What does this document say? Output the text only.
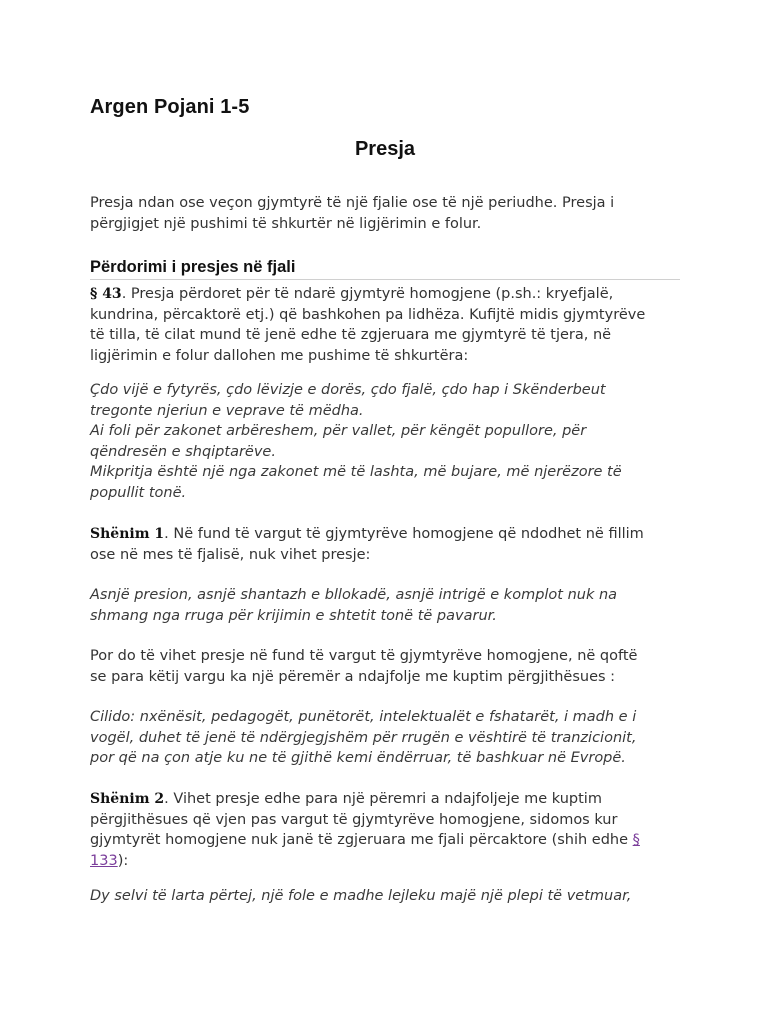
Argen Pojani 1-5
Presja

Presja ndan ose veçon gjymtyrë të një fjalie ose të një periudhe. Presja i
përgjigjet një pushimi të shkurtër në ligjërimin e folur.

Përdorimi i presjes në fjali

§ 43. Presja përdoret për të ndarë gjymtyrë homogjene (p.sh.: kryefjalë,
kundrina, përcaktorë etj.) që bashkohen pa lidhëza. Kufijtë midis gjymtyrëve
të tilla, të cilat mund të jenë edhe të zgjeruara me gjymtyrë të tjera, në
ligjërimin e folur dallohen me pushime të shkurtëra:

Çdo vijë e fytyrës, çdo lëvizje e dorës, çdo fjalë, çdo hap i Skënderbeut
tregonte njeriun e veprave të mëdha.
Ai foli për zakonet arbëreshem, për vallet, për këngët popullore, për
qëndresën e shqiptarëve.
Mikpritja është një nga zakonet më të lashta, më bujare, më njerëzore të
popullit tonë.

Shënim 1. Në fund të vargut të gjymtyrëve homogjene që ndodhet në fillim
ose në mes të fjalisë, nuk vihet presje:

Asnjë presion, asnjë shantazh e bllokadë, asnjë intrigë e komplot nuk na
shmang nga rruga për krijimin e shtetit tonë të pavarur.

Por do të vihet presje në fund të vargut të gjymtyrëve homogjene, në qoftë
se para këtij vargu ka një përemër a ndajfolje me kuptim përgjithësues :

Cilido: nxënësit, pedagogët, punëtorët, intelektualët e fshatarët, i madh e i
vogël, duhet të jenë të ndërgjegjshëm për rrugën e vështirë të tranzicionit,
por që na çon atje ku ne të gjithë kemi ëndërruar, të bashkuar në Evropë.

Shënim 2. Vihet presje edhe para një përemri a ndajfoljeje me kuptim
përgjithësues që vjen pas vargut të gjymtyrëve homogjene, sidomos kur
gjymtyrët homogjene nuk janë të zgjeruara me fjali përcaktore (shih edhe §
133):

Dy selvi të larta përtej, një fole e madhe lejleku majë një plepi të vetmuar,
